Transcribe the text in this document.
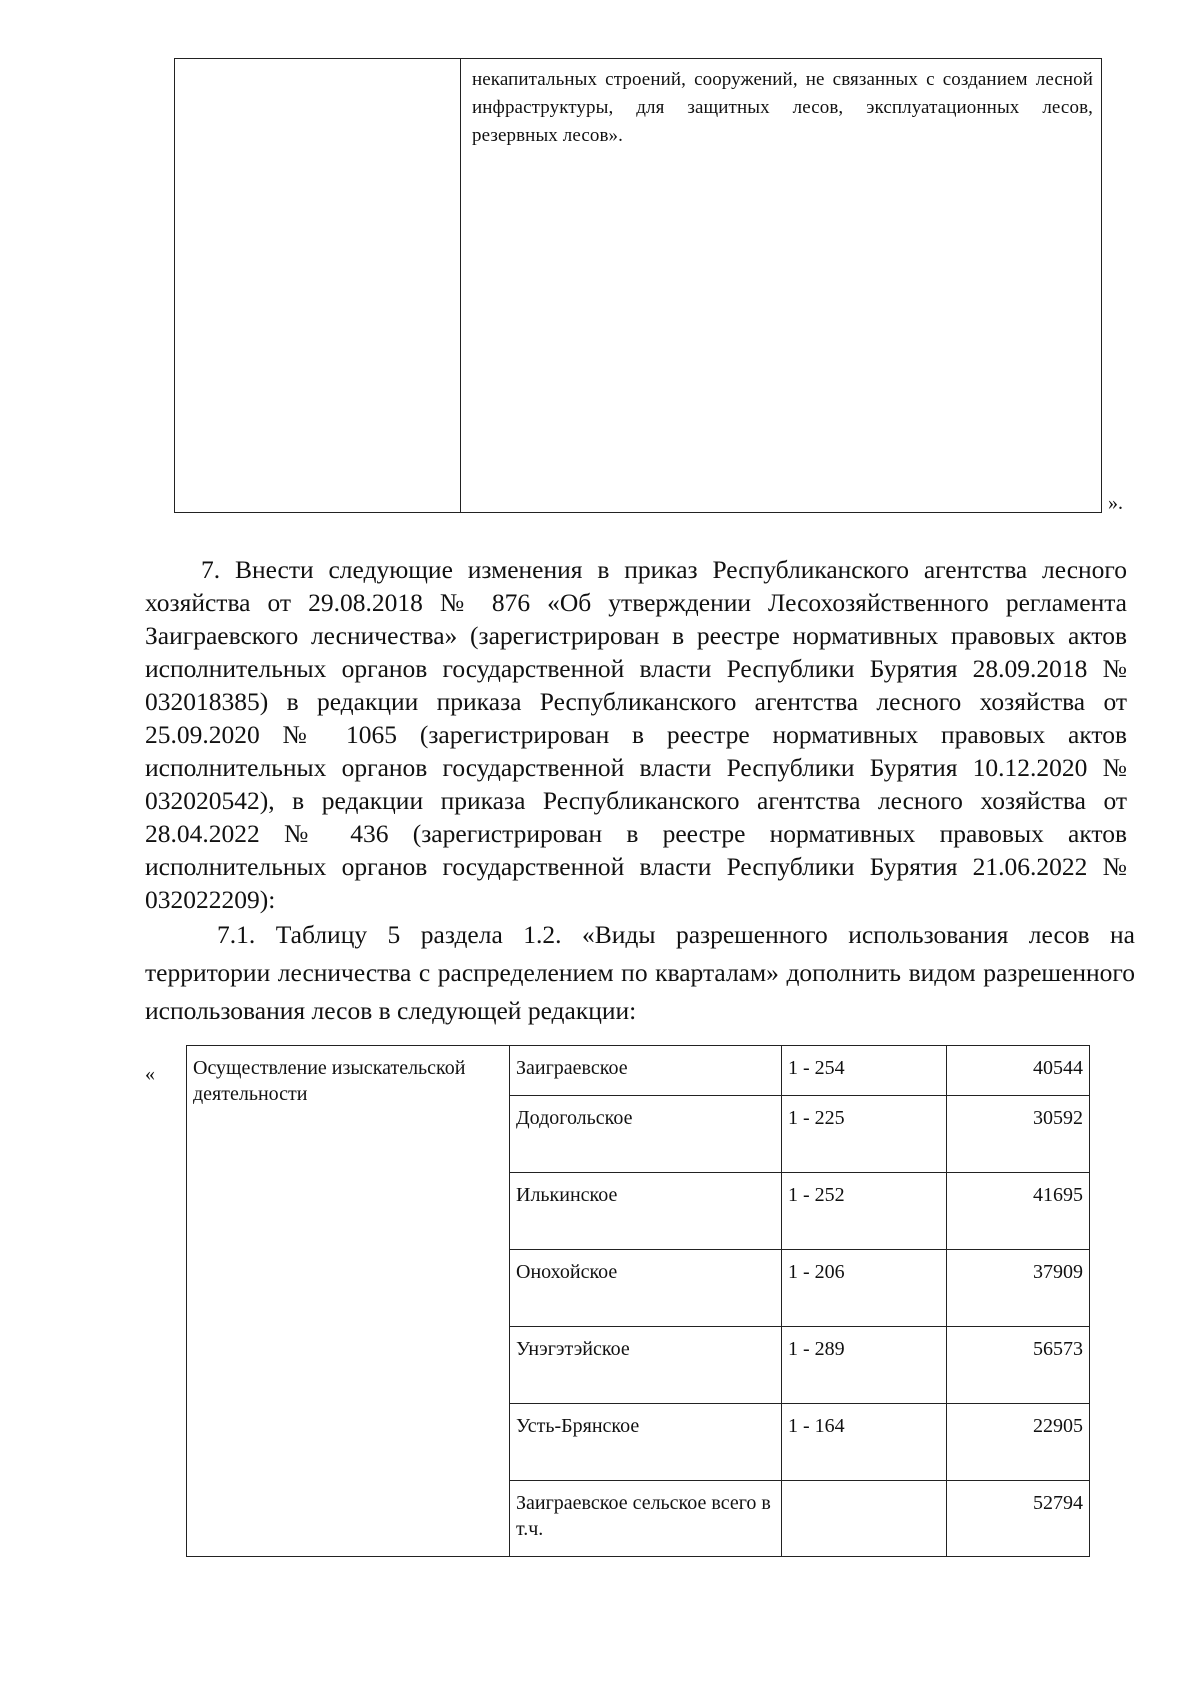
некапитальных строений, сооружений, не связанных с созданием лесной инфраструктуры, для защитных лесов, эксплуатационных лесов, резервных лесов».
».
7. Внести следующие изменения в приказ Республиканского агентства лесного хозяйства от 29.08.2018 № 876 «Об утверждении Лесохозяйственного регламента Заиграевского лесничества» (зарегистрирован в реестре нормативных правовых актов исполнительных органов государственной власти Республики Бурятия 28.09.2018 № 032018385) в редакции приказа Республиканского агентства лесного хозяйства от 25.09.2020 № 1065 (зарегистрирован в реестре нормативных правовых актов исполнительных органов государственной власти Республики Бурятия 10.12.2020 № 032020542), в редакции приказа Республиканского агентства лесного хозяйства от 28.04.2022 № 436 (зарегистрирован в реестре нормативных правовых актов исполнительных органов государственной власти Республики Бурятия 21.06.2022 № 032022209):
7.1. Таблицу 5 раздела 1.2. «Виды разрешенного использования лесов на территории лесничества с распределением по кварталам» дополнить видом разрешенного использования лесов в следующей редакции:
« Осуществление изыскательской деятельности	Заиграевское	1 - 254	40544
	Додогольское	1 - 225	30592
	Илькинское	1 - 252	41695
	Онохойское	1 - 206	37909
	Унэгэтэйское	1 - 289	56573
	Усть-Брянское	1 - 164	22905
	Заиграевское сельское всего в т.ч.		52794
